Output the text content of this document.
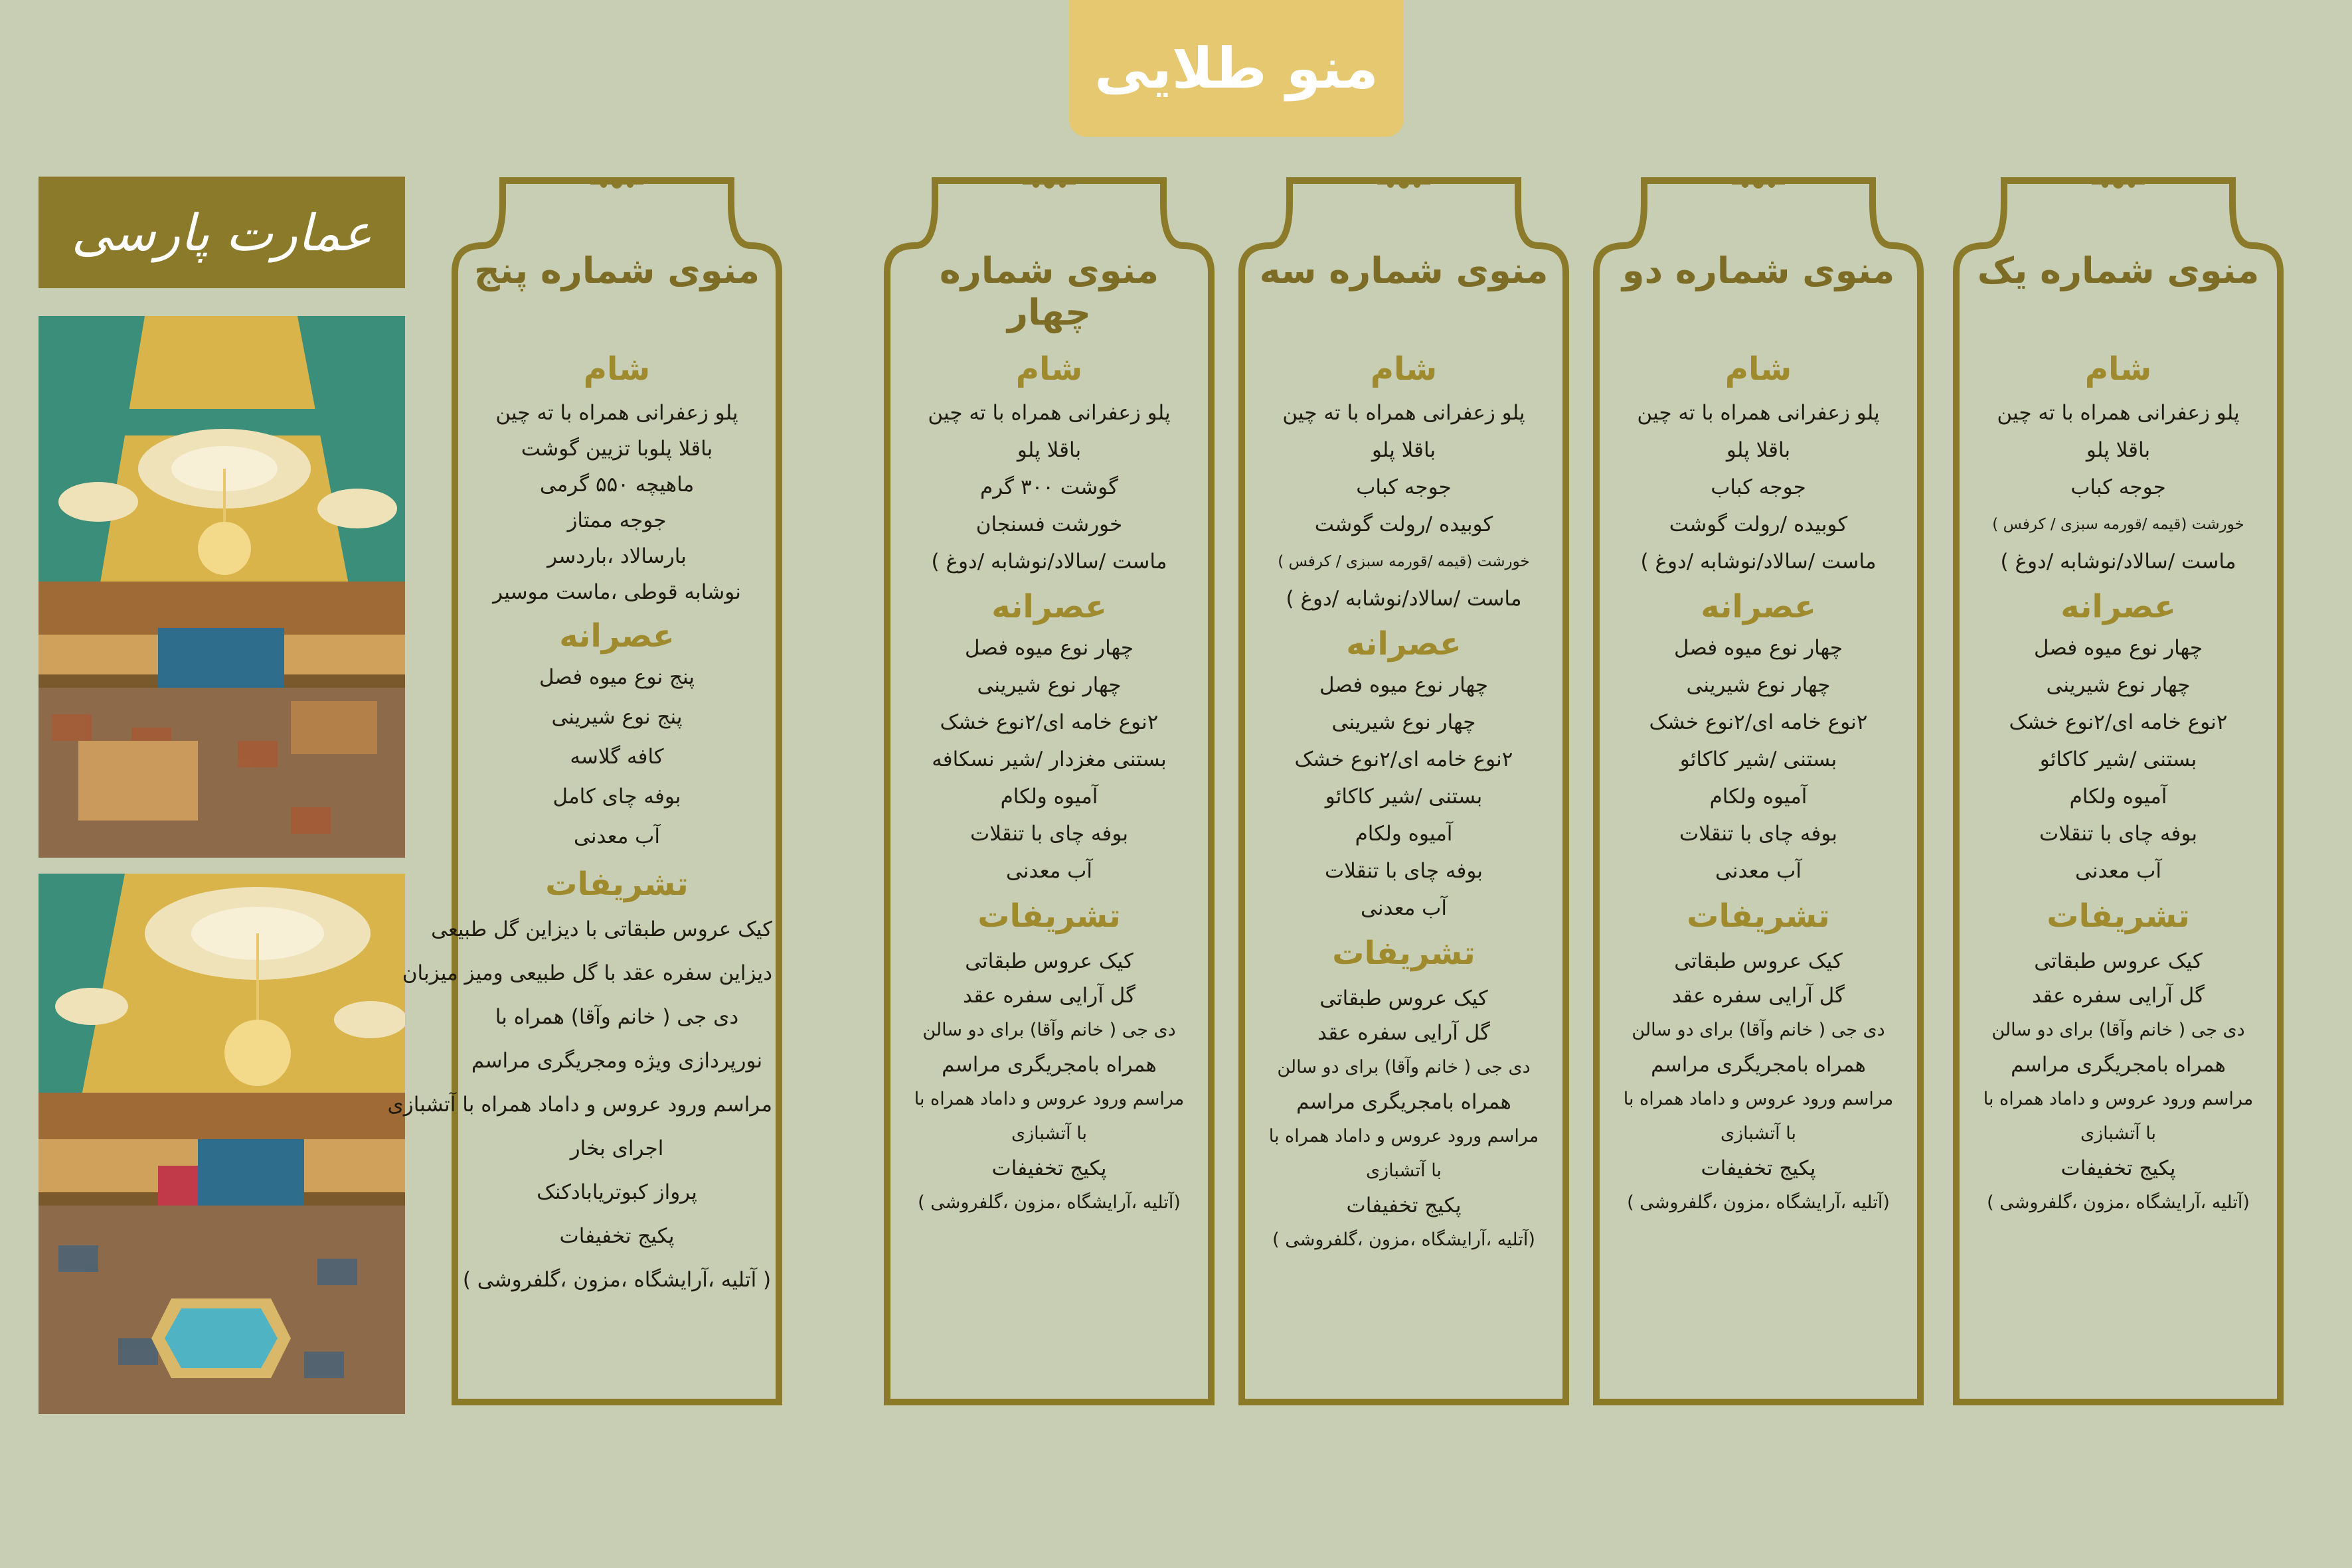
منو طلایی
عمارت پارسی
منوی شماره یک
شام

پلو زعفرانی همراه با ته چین

باقلا پلو

جوجه کباب

خورشت (قیمه /قورمه سبزی / کرفس )

ماست /سالاد/نوشابه /دوغ )

عصرانه

چهار نوع میوه فصل

چهار نوع شیرینی

۲نوع خامه ای/۲نوع خشک

بستنی /شیر کاکائو

آمیوه ولکام

بوفه چای با تنقلات

آب معدنی

تشریفات

کیک عروس طبقاتی

گل آرایی سفره عقد

دی جی ( خانم وآقا) برای دو سالن

همراه بامجریگری مراسم

مراسم ورود عروس و داماد همراه با

با آتشبازی

پکیج تخفیفات

(آتلیه ،آرایشگاه ،مزون ،گلفروشی )

منوی شماره دو
شام

پلو زعفرانی همراه با ته چین

باقلا پلو

جوجه کباب

کوبیده /رولت گوشت

ماست /سالاد/نوشابه /دوغ )

عصرانه

چهار نوع میوه فصل

چهار نوع شیرینی

۲نوع خامه ای/۲نوع خشک

بستنی /شیر کاکائو

آمیوه ولکام

بوفه چای با تنقلات

آب معدنی

تشریفات

کیک عروس طبقاتی

گل آرایی سفره عقد

دی جی ( خانم وآقا) برای دو سالن

همراه بامجریگری مراسم

مراسم ورود عروس و داماد همراه با

با آتشبازی

پکیج تخفیفات

(آتلیه ،آرایشگاه ،مزون ،گلفروشی )

منوی شماره سه
شام

پلو زعفرانی همراه با ته چین

باقلا پلو

جوجه کباب

کوبیده /رولت گوشت

خورشت (قیمه /قورمه سبزی / کرفس )

ماست /سالاد/نوشابه /دوغ )

عصرانه

چهار نوع میوه فصل

چهار نوع شیرینی

۲نوع خامه ای/۲نوع خشک

بستنی /شیر کاکائو

آمیوه ولکام

بوفه چای با تنقلات

آب معدنی

تشریفات

کیک عروس طبقاتی

گل آرایی سفره عقد

دی جی ( خانم وآقا) برای دو سالن

همراه بامجریگری مراسم

مراسم ورود عروس و داماد همراه با

با آتشبازی

پکیج تخفیفات

(آتلیه ،آرایشگاه ،مزون ،گلفروشی )

منوی شماره چهار
شام

پلو زعفرانی همراه با ته چین

باقلا پلو

گوشت ۳۰۰ گرم

خورشت فسنجان

ماست /سالاد/نوشابه /دوغ )

عصرانه

چهار نوع میوه فصل

چهار نوع شیرینی

۲نوع خامه ای/۲نوع خشک

بستنی مغزدار /شیر نسکافه

آمیوه ولکام

بوفه چای با تنقلات

آب معدنی

تشریفات

کیک عروس طبقاتی

گل آرایی سفره عقد

دی جی ( خانم وآقا) برای دو سالن

همراه بامجریگری مراسم

مراسم ورود عروس و داماد همراه با

با آتشبازی

پکیج تخفیفات

(آتلیه ،آرایشگاه ،مزون ،گلفروشی )

منوی شماره پنج
شام

پلو زعفرانی همراه با ته چین

باقلا پلوبا تزیین گوشت

ماهیچه ۵۵۰ گرمی

جوجه ممتاز

بارسالاد ،باردسر

نوشابه قوطی ،ماست موسیر

عصرانه

پنج نوع میوه فصل

پنج نوع شیرینی

کافه گلاسه

بوفه چای کامل

آب معدنی

تشریفات

کیک عروس طبقاتی با دیزاین گل طبیعی

دیزاین سفره عقد با گل طبیعی ومیز میزبان

دی جی ( خانم وآقا) همراه با

نورپردازی ویژه ومجریگری مراسم

مراسم ورود عروس و داماد همراه با آتشبازی

اجرای بخار

پرواز کبوتریابادکنک

پکیج تخفیفات

( آتلیه ،آرایشگاه ،مزون ،گلفروشی )
